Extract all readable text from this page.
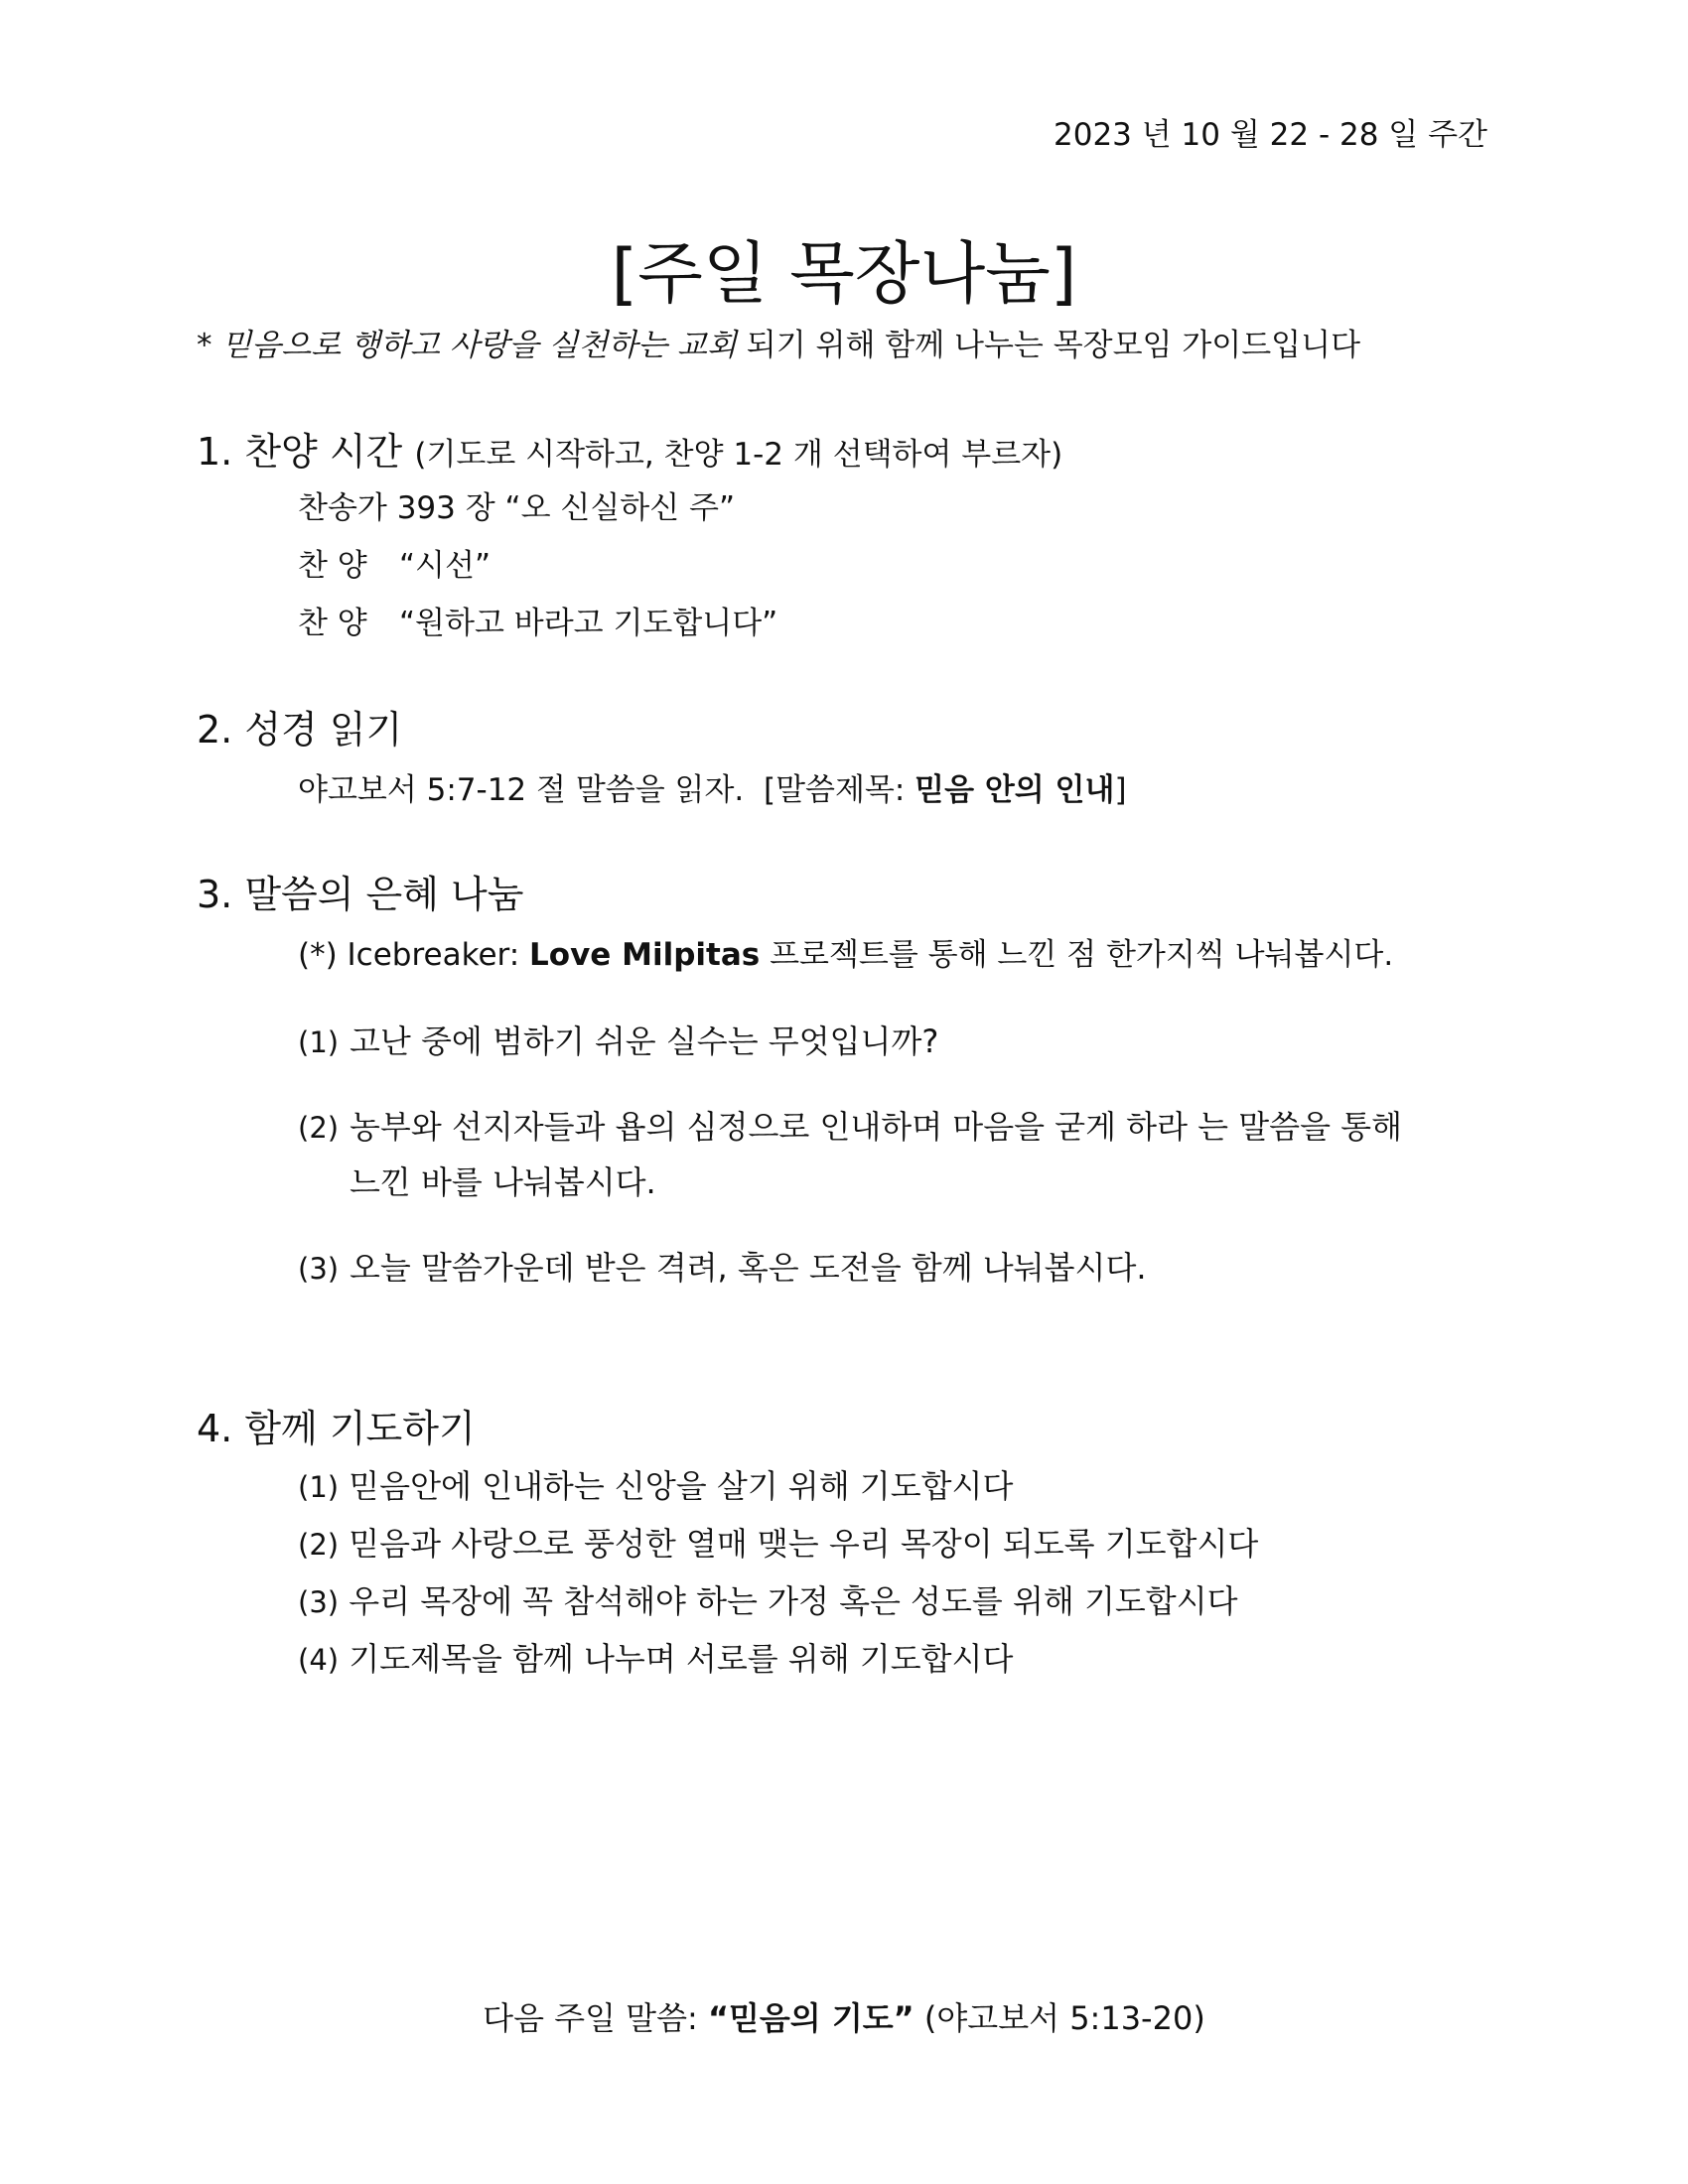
2023 년 10 월 22 - 28 일 주간
[주일 목장나눔]
* 믿음으로 행하고 사랑을 실천하는 교회 되기 위해 함께 나누는 목장모임 가이드입니다
1. 찬양 시간 (기도로 시작하고, 찬양 1-2 개 선택하여 부르자)
찬송가 393 장 “오 신실하신 주”
찬 양 “시선”
찬 양 “원하고 바라고 기도합니다”
2. 성경 읽기
야고보서 5:7-12 절 말씀을 읽자. [말씀제목: 믿음 안의 인내]
3. 말씀의 은혜 나눔
(*) Icebreaker: Love Milpitas 프로젝트를 통해 느낀 점 한가지씩 나눠봅시다.
(1) 고난 중에 범하기 쉬운 실수는 무엇입니까?
(2) 농부와 선지자들과 욥의 심정으로 인내하며 마음을 굳게 하라 는 말씀을 통해
느낀 바를 나눠봅시다.
(3) 오늘 말씀가운데 받은 격려, 혹은 도전을 함께 나눠봅시다.
4. 함께 기도하기
(1) 믿음안에 인내하는 신앙을 살기 위해 기도합시다
(2) 믿음과 사랑으로 풍성한 열매 맺는 우리 목장이 되도록 기도합시다
(3) 우리 목장에 꼭 참석해야 하는 가정 혹은 성도를 위해 기도합시다
(4) 기도제목을 함께 나누며 서로를 위해 기도합시다
다음 주일 말씀: “믿음의 기도” (야고보서 5:13-20)
